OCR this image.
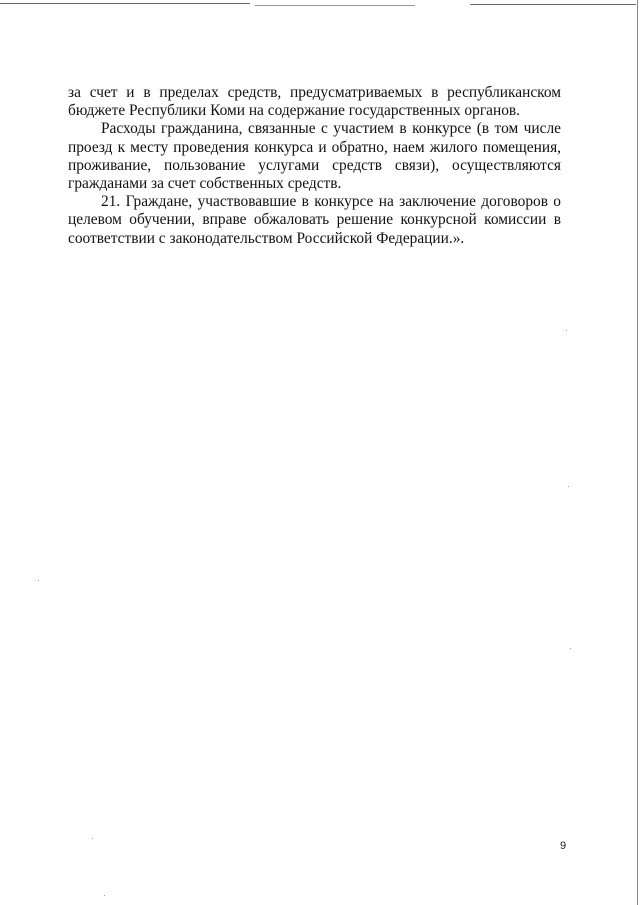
за счет и в пределах средств, предусматриваемых в республиканском бюджете Республики Коми на содержание государственных органов.

Расходы гражданина, связанные с участием в конкурсе (в том числе проезд к месту проведения конкурса и обратно, наем жилого помещения, проживание, пользование услугами средств связи), осуществляются гражданами за счет собственных средств.

21. Граждане, участвовавшие в конкурсе на заключение договоров о целевом обучении, вправе обжаловать решение конкурсной комиссии в соответствии с законодательством Российской Федерации.».

9
